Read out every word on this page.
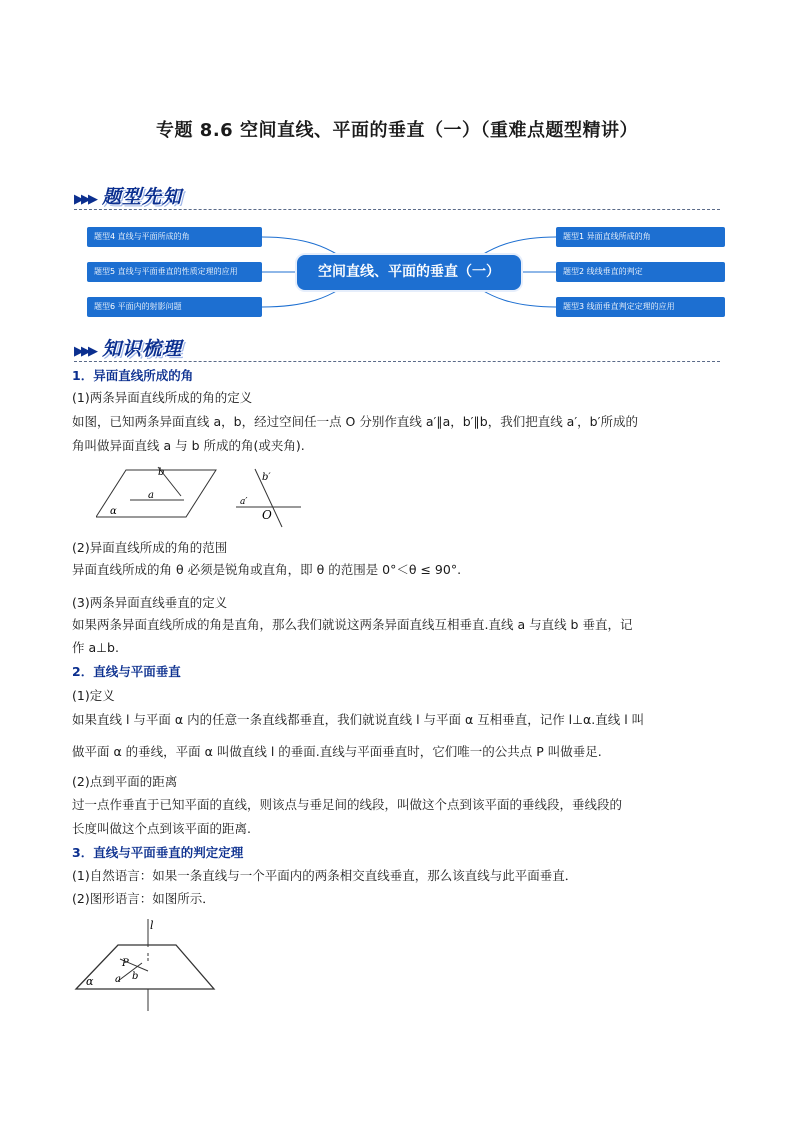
专题 8.6 空间直线、平面的垂直（一）（重难点题型精讲）
▶▶▶ 题型先知
题型4 直线与平面所成的角
题型5 直线与平面垂直的性质定理的应用
题型6 平面内的射影问题
空间直线、平面的垂直（一）
题型1 异面直线所成的角
题型2 线线垂直的判定
题型3 线面垂直判定定理的应用
▶▶▶ 知识梳理
1．异面直线所成的角
(1)两条异面直线所成的角的定义
如图，已知两条异面直线 a，b，经过空间任一点 O 分别作直线 a′∥a，b′∥b，我们把直线 a′，b′所成的
角叫做异面直线 a 与 b 所成的角(或夹角).
b
a
α
b′
a′
O
(2)异面直线所成的角的范围
异面直线所成的角 θ 必须是锐角或直角，即 θ 的范围是 0°＜θ ≤ 90°.
(3)两条异面直线垂直的定义
如果两条异面直线所成的角是直角，那么我们就说这两条异面直线互相垂直.直线 a 与直线 b 垂直，记
作 a⊥b.
2．直线与平面垂直
(1)定义
如果直线 l 与平面 α 内的任意一条直线都垂直，我们就说直线 l 与平面 α 互相垂直，记作 l⊥α.直线 l 叫
做平面 α 的垂线，平面 α 叫做直线 l 的垂面.直线与平面垂直时，它们唯一的公共点 P 叫做垂足.
(2)点到平面的距离
过一点作垂直于已知平面的直线，则该点与垂足间的线段，叫做这个点到该平面的垂线段，垂线段的
长度叫做这个点到该平面的距离.
3．直线与平面垂直的判定定理
(1)自然语言：如果一条直线与一个平面内的两条相交直线垂直，那么该直线与此平面垂直．
(2)图形语言：如图所示．
l
P
a b
α
